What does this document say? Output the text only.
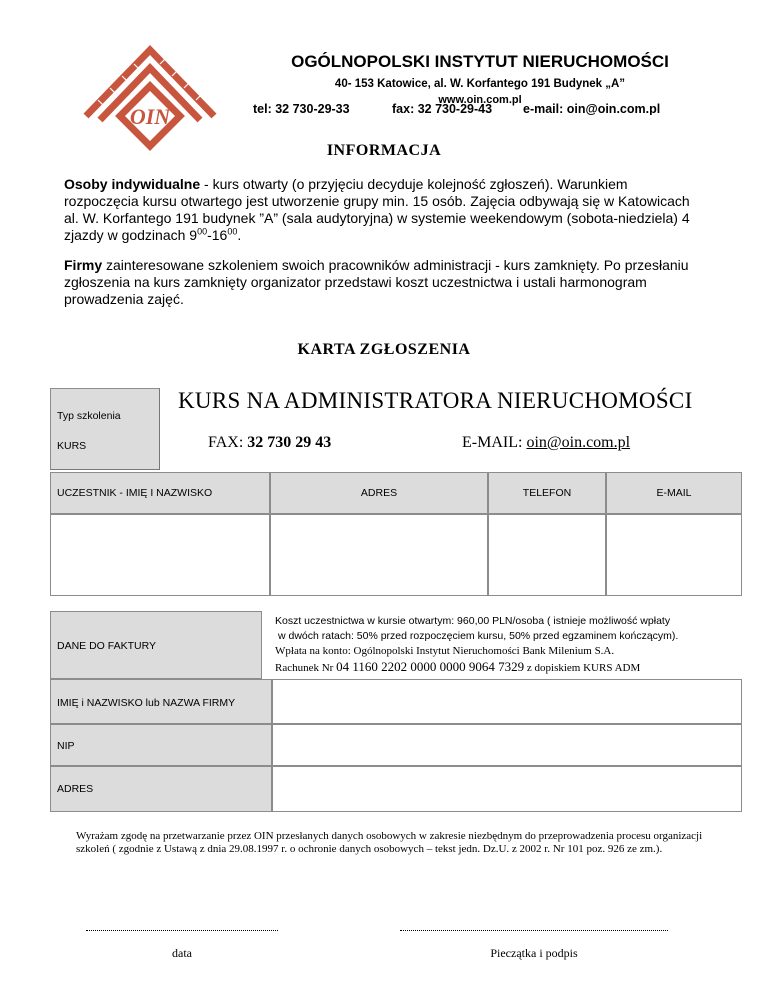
OIN
OGÓLNOPOLSKI INSTYTUT NIERUCHOMOŚCI
40- 153 Katowice, al. W. Korfantego 191 Budynek „A”
www.oin.com.pl
tel: 32 730-29-33	fax: 32 730-29-43 e-mail: oin@oin.com.pl
INFORMACJA
Osoby indywidualne - kurs otwarty (o przyjęciu decyduje kolejność zgłoszeń). Warunkiem rozpoczęcia kursu otwartego jest utworzenie grupy min. 15 osób. Zajęcia odbywają się w Katowicach al. W. Korfantego 191 budynek ”A” (sala audytoryjna) w systemie weekendowym (sobota-niedziela) 4 zjazdy w godzinach $9^{00}-16^{00}$.
Firmy zainteresowane szkoleniem swoich pracowników administracji - kurs zamknięty. Po przesłaniu zgłoszenia na kurs zamknięty organizator przedstawi koszt uczestnictwa i ustali harmonogram prowadzenia zajęć.
KARTA ZGŁOSZENIA
Typ szkolenia
KURS
KURS NA ADMINISTRATORA NIERUCHOMOŚCI
FAX: 32 730 29 43	E-MAIL: oin@oin.com.pl
UCZESTNIK - IMIĘ I NAZWISKO	ADRES	TELEFON	E-MAIL
DANE DO FAKTURY
Koszt uczestnictwa w kursie otwartym: 960,00 PLN/osoba ( istnieje możliwość wpłaty
w dwóch ratach: 50% przed rozpoczęciem kursu, 50% przed egzaminem kończącym).
Wpłata na konto: Ogólnopolski Instytut Nieruchomości Bank Milenium S.A.
Rachunek Nr 04 1160 2202 0000 0000 9064 7329 z dopiskiem KURS ADM
IMIĘ i NAZWISKO lub NAZWA FIRMY
NIP
ADRES
Wyrażam zgodę na przetwarzanie przez OIN przesłanych danych osobowych w zakresie niezbędnym do przeprowadzenia procesu organizacji szkoleń ( zgodnie z Ustawą z dnia 29.08.1997 r. o ochronie danych osobowych – tekst jedn. Dz.U. z 2002 r. Nr 101 poz. 926 ze zm.).
data	Pieczątka i podpis
